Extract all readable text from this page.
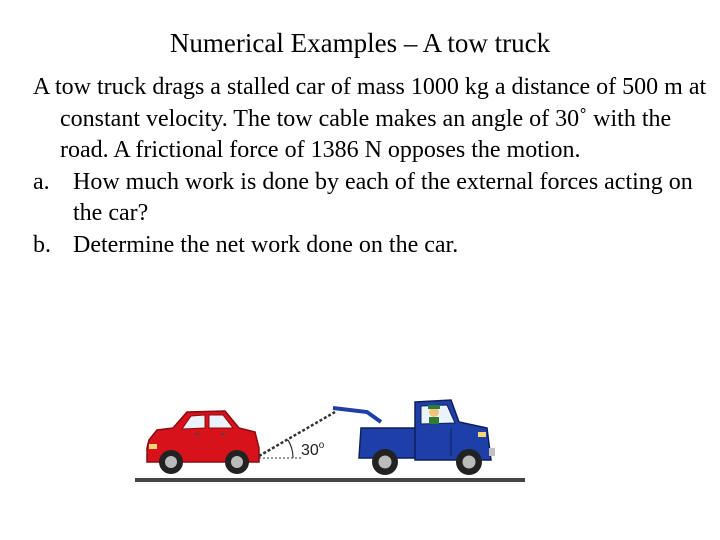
Numerical Examples – A tow truck

A tow truck drags a stalled car of mass 1000 kg a distance of 500 m at constant velocity. The tow cable makes an angle of 30˚ with the road. A frictional force of 1386 N opposes the motion.

a. How much work is done by each of the external forces acting on the car?
b. Determine the net work done on the car.
30$^o$
